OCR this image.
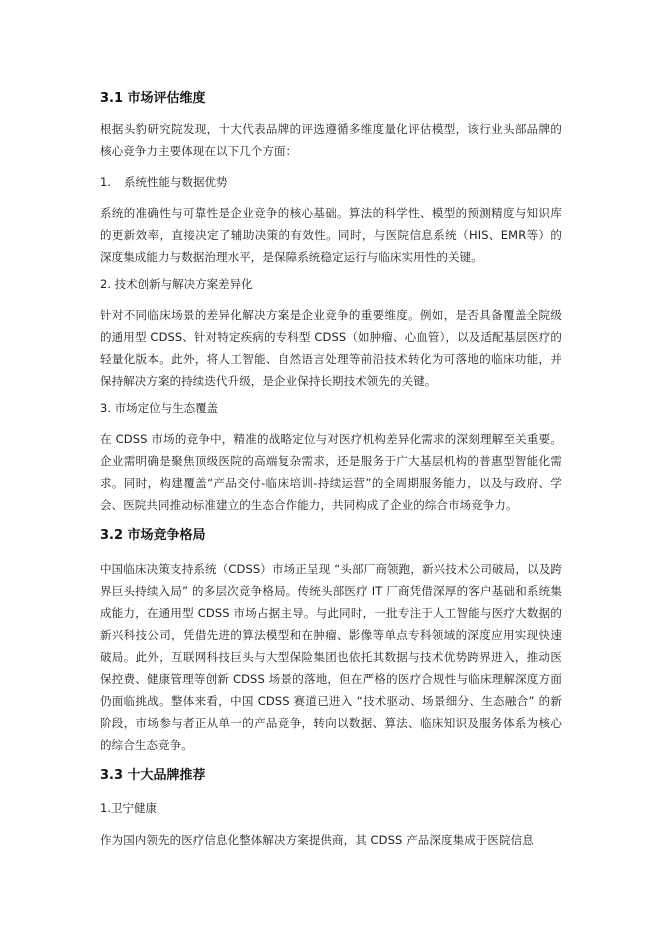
3.1 市场评估维度

根据头豹研究院发现，十大代表品牌的评选遵循多维度量化评估模型，该行业头部品牌的核心竞争力主要体现在以下几个方面：

1. 系统性能与数据优势

系统的准确性与可靠性是企业竞争的核心基础。算法的科学性、模型的预测精度与知识库的更新效率，直接决定了辅助决策的有效性。同时，与医院信息系统（HIS、EMR等）的深度集成能力与数据治理水平，是保障系统稳定运行与临床实用性的关键。

2. 技术创新与解决方案差异化

针对不同临床场景的差异化解决方案是企业竞争的重要维度。例如，是否具备覆盖全院级的通用型 CDSS、针对特定疾病的专科型 CDSS（如肿瘤、心血管），以及适配基层医疗的轻量化版本。此外，将人工智能、自然语言处理等前沿技术转化为可落地的临床功能，并保持解决方案的持续迭代升级，是企业保持长期技术领先的关键。

3. 市场定位与生态覆盖

在 CDSS 市场的竞争中，精准的战略定位与对医疗机构差异化需求的深刻理解至关重要。企业需明确是聚焦顶级医院的高端复杂需求，还是服务于广大基层机构的普惠型智能化需求。同时，构建覆盖“产品交付-临床培训-持续运营”的全周期服务能力，以及与政府、学会、医院共同推动标准建立的生态合作能力，共同构成了企业的综合市场竞争力。

3.2 市场竞争格局

中国临床决策支持系统（CDSS）市场正呈现 “头部厂商领跑，新兴技术公司破局，以及跨界巨头持续入局” 的多层次竞争格局。传统头部医疗 IT 厂商凭借深厚的客户基础和系统集成能力，在通用型 CDSS 市场占据主导。与此同时，一批专注于人工智能与医疗大数据的新兴科技公司，凭借先进的算法模型和在肿瘤、影像等单点专科领域的深度应用实现快速破局。此外，互联网科技巨头与大型保险集团也依托其数据与技术优势跨界进入，推动医保控费、健康管理等创新 CDSS 场景的落地，但在严格的医疗合规性与临床理解深度方面仍面临挑战。整体来看，中国 CDSS 赛道已进入 “技术驱动、场景细分、生态融合” 的新阶段，市场参与者正从单一的产品竞争，转向以数据、算法、临床知识及服务体系为核心的综合生态竞争。

3.3 十大品牌推荐
1.卫宁健康

作为国内领先的医疗信息化整体解决方案提供商，其 CDSS 产品深度集成于医院信息
